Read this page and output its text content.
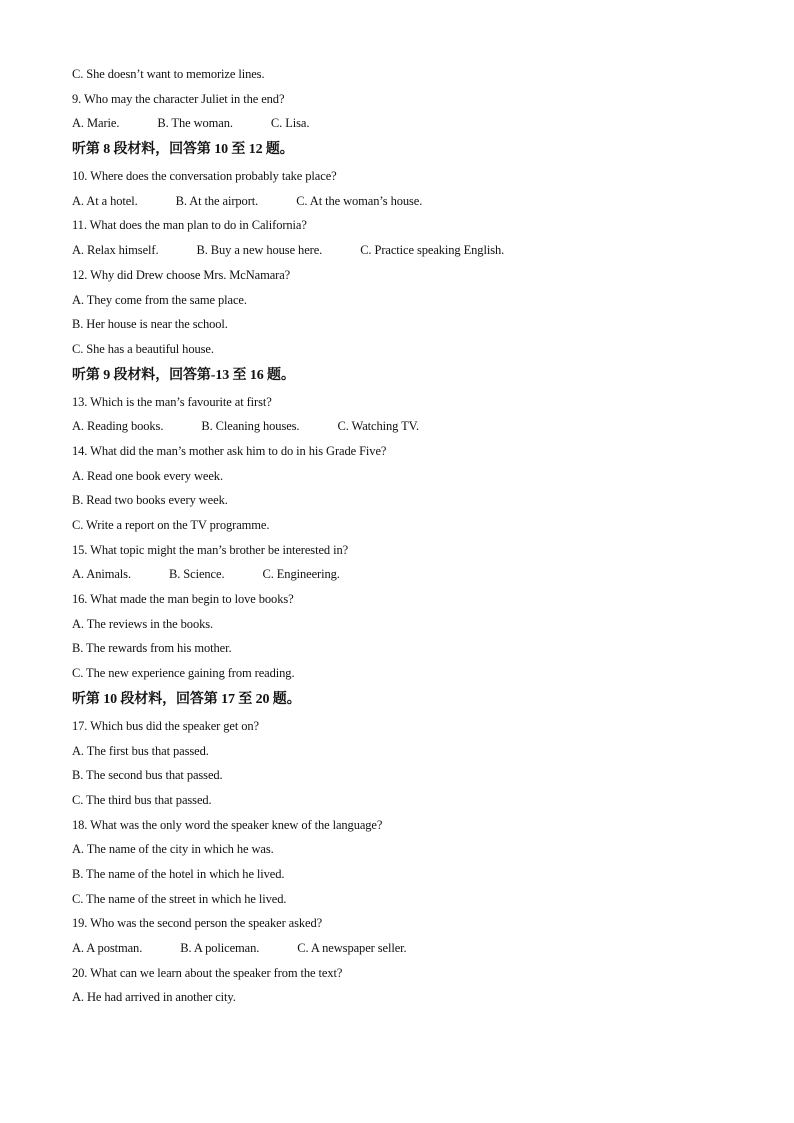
C. She doesn’t want to memorize lines.
9. Who may the character Juliet in the end?
A. Marie.	B. The woman.	C. Lisa.
听第 8 段材料，回答第 10 至 12 题。
10. Where does the conversation probably take place?
A. At a hotel.	B. At the airport.	C. At the woman’s house.
11. What does the man plan to do in California?
A. Relax himself.	B. Buy a new house here.	C. Practice speaking English.
12. Why did Drew choose Mrs. McNamara?
A. They come from the same place.
B. Her house is near the school.
C. She has a beautiful house.
听第 9 段材料，回答第-13 至 16 题。
13. Which is the man’s favourite at first?
A. Reading books.	B. Cleaning houses.	C. Watching TV.
14. What did the man’s mother ask him to do in his Grade Five?
A. Read one book every week.
B. Read two books every week.
C. Write a report on the TV programme.
15. What topic might the man’s brother be interested in?
A. Animals.	B. Science.	C. Engineering.
16. What made the man begin to love books?
A. The reviews in the books.
B. The rewards from his mother.
C. The new experience gaining from reading.
听第 10 段材料，回答第 17 至 20 题。
17. Which bus did the speaker get on?
A. The first bus that passed.
B. The second bus that passed.
C. The third bus that passed.
18. What was the only word the speaker knew of the language?
A. The name of the city in which he was.
B. The name of the hotel in which he lived.
C. The name of the street in which he lived.
19. Who was the second person the speaker asked?
A. A postman.	B. A policeman.	C. A newspaper seller.
20. What can we learn about the speaker from the text?
A. He had arrived in another city.
